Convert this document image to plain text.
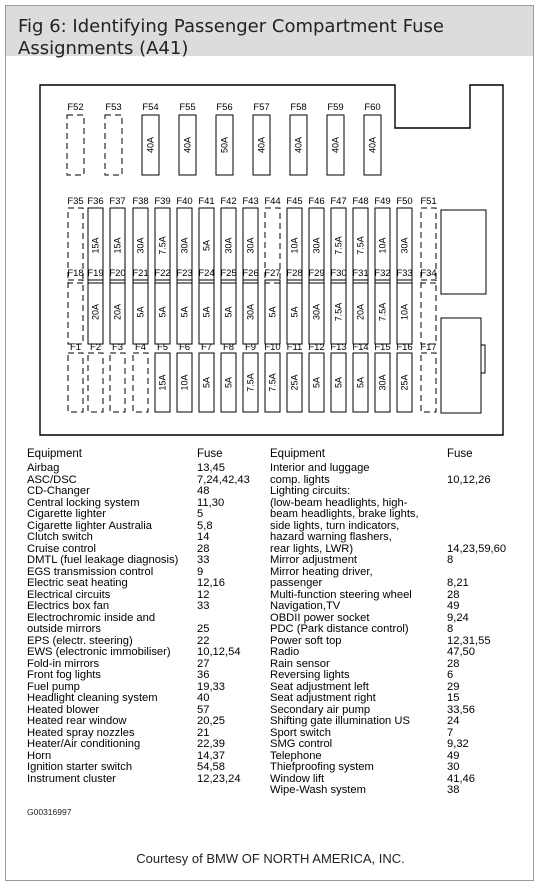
Fig 6: Identifying Passenger Compartment Fuse Assignments (A41)
F52 F53 F54
40A
F55
40A
F56
50A
F57
40A
F58
40A
F59
40A
F60
40A
F35 F36
15A
F37
15A
F38
30A
F39
7.5A
F40
30A
F41
5A
F42
30A
F43
30A
F44 F45
10A
F46
30A
F47
7.5A
F48
7.5A
F49
10A
F50
30A
F51
F18 F19
20A
F20
20A
F21
5A
F22
5A
F23
5A
F24
5A
F25
5A
F26
30A
F27
5A
F28
5A
F29
30A
F30
7.5A
F31
20A
F32
7.5A
F33
10A
F34
F1 F2 F3 F4 F5
15A
F6
10A
F7
5A
F8
5A
F9
7.5A
F10
7.5A
F11
25A
F12
5A
F13
5A
F14
5A
F15
30A
F16
25A
F17
Equipment	Fuse	Equipment	Fuse
Airbag	13,45
ASC/DSC	7,24,42,43
CD-Changer	48
Central locking system	11,30
Cigarette lighter	5
Cigarette lighter Australia	5,8
Clutch switch	14
Cruise control	28
DMTL (fuel leakage diagnosis) 33
EGS transmission control	9
Electric seat heating	12,16
Electrical circuits	12
Electrics box fan	33
Electrochromic inside and
outside mirrors	25
EPS (electr. steering)	22
EWS (electronic immobiliser) 10,12,54
Fold-in mirrors	27
Front fog lights	36
Fuel pump	19,33
Headlight cleaning system	40
Heated blower	57
Heated rear window	20,25
Heated spray nozzles	21
Heater/Air conditioning	22,39
Horn	14,37
Ignition starter switch	54,58
Instrument cluster	12,23,24
Interior and luggage
comp. lights	10,12,26
Lighting circuits:
(low-beam headlights, high-
beam headlights, brake lights,
side lights, turn indicators,
hazard warning flashers,
rear lights, LWR)	14,23,59,60
Mirror adjustment	8
Mirror heating driver,
passenger	8,21
Multi-function steering wheel	28
Navigation,TV	49
OBDII power socket	9,24
PDC (Park distance control)	8
Power soft top	12,31,55
Radio	47,50
Rain sensor	28
Reversing lights	6
Seat adjustment left	29
Seat adjustment right	15
Secondary air pump	33,56
Shifting gate illumination US	24
Sport switch	7
SMG control	9,32
Telephone	49
Thiefproofing system	30
Window lift	41,46
Wipe-Wash system	38
G00316997
Courtesy of BMW OF NORTH AMERICA, INC.
